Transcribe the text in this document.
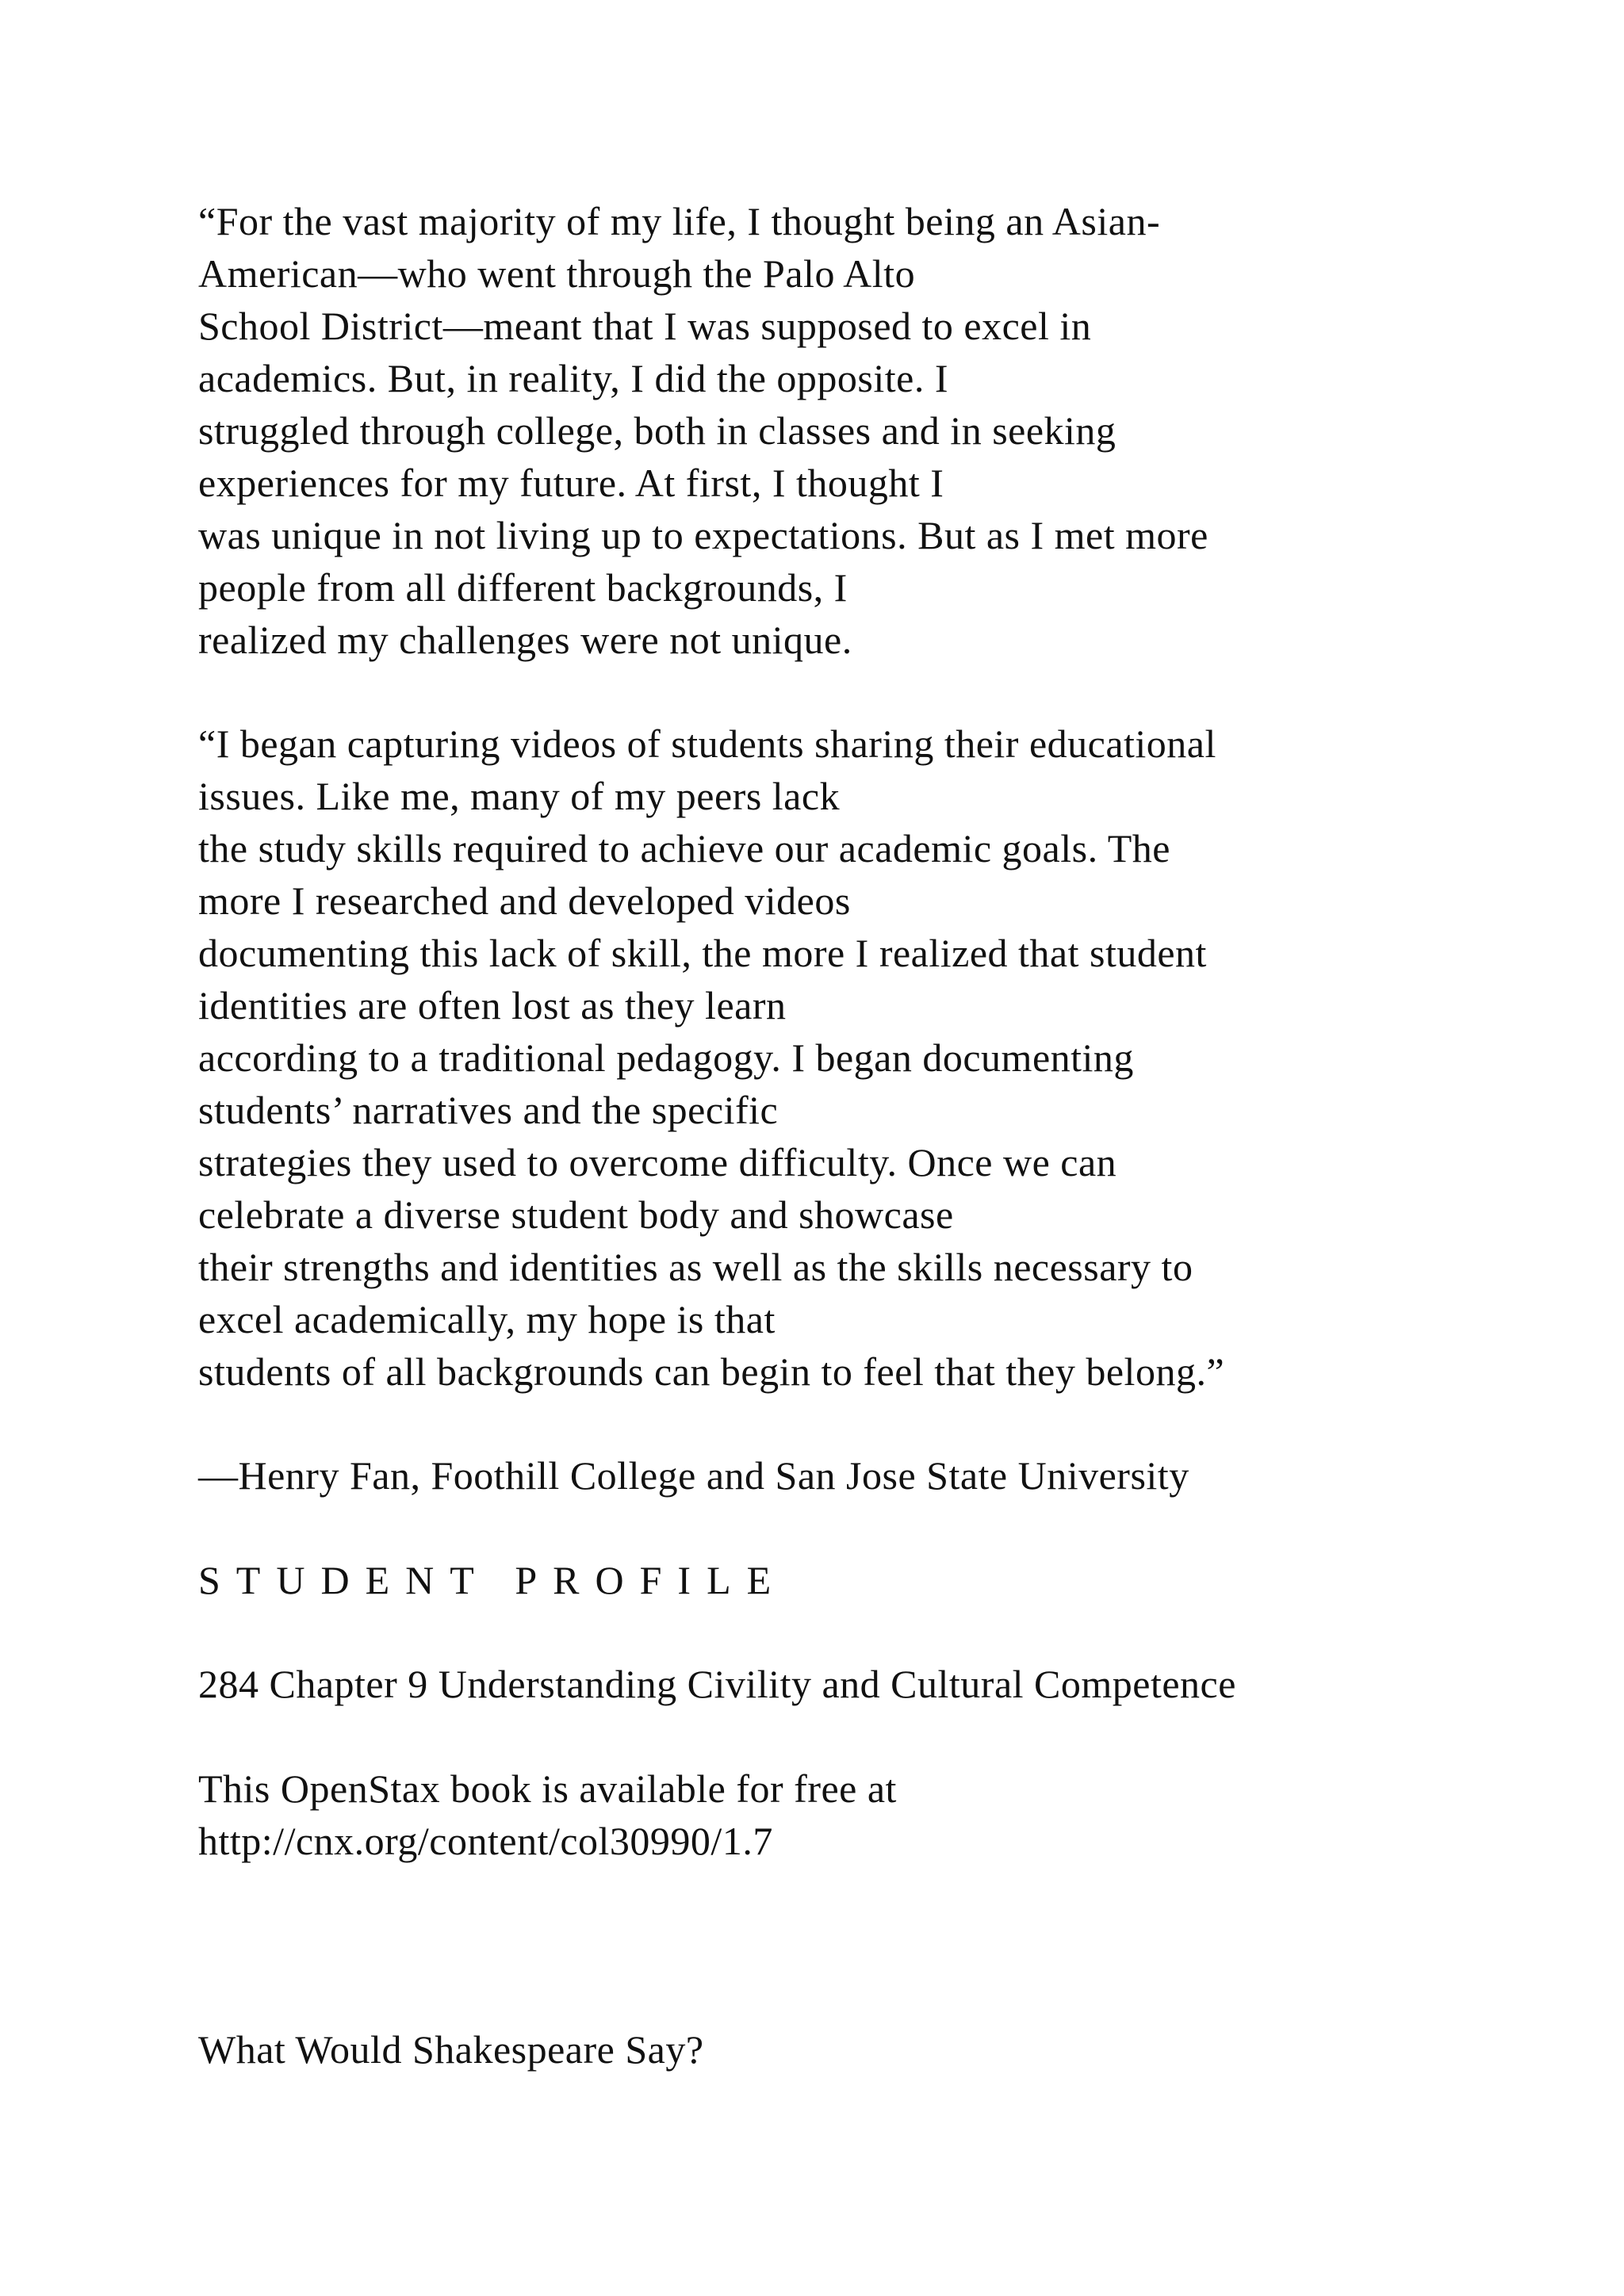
“For the vast majority of my life, I thought being an Asian-
American—who went through the Palo Alto
School District—meant that I was supposed to excel in
academics. But, in reality, I did the opposite. I
struggled through college, both in classes and in seeking
experiences for my future. At first, I thought I
was unique in not living up to expectations. But as I met more
people from all different backgrounds, I
realized my challenges were not unique.
“I began capturing videos of students sharing their educational
issues. Like me, many of my peers lack
the study skills required to achieve our academic goals. The
more I researched and developed videos
documenting this lack of skill, the more I realized that student
identities are often lost as they learn
according to a traditional pedagogy. I began documenting
students’ narratives and the specific
strategies they used to overcome difficulty. Once we can
celebrate a diverse student body and showcase
their strengths and identities as well as the skills necessary to
excel academically, my hope is that
students of all backgrounds can begin to feel that they belong.”
—Henry Fan, Foothill College and San Jose State University
STUDENT PROFILE
284 Chapter 9 Understanding Civility and Cultural Competence
This OpenStax book is available for free at
http://cnx.org/content/col30990/1.7
What Would Shakespeare Say?
